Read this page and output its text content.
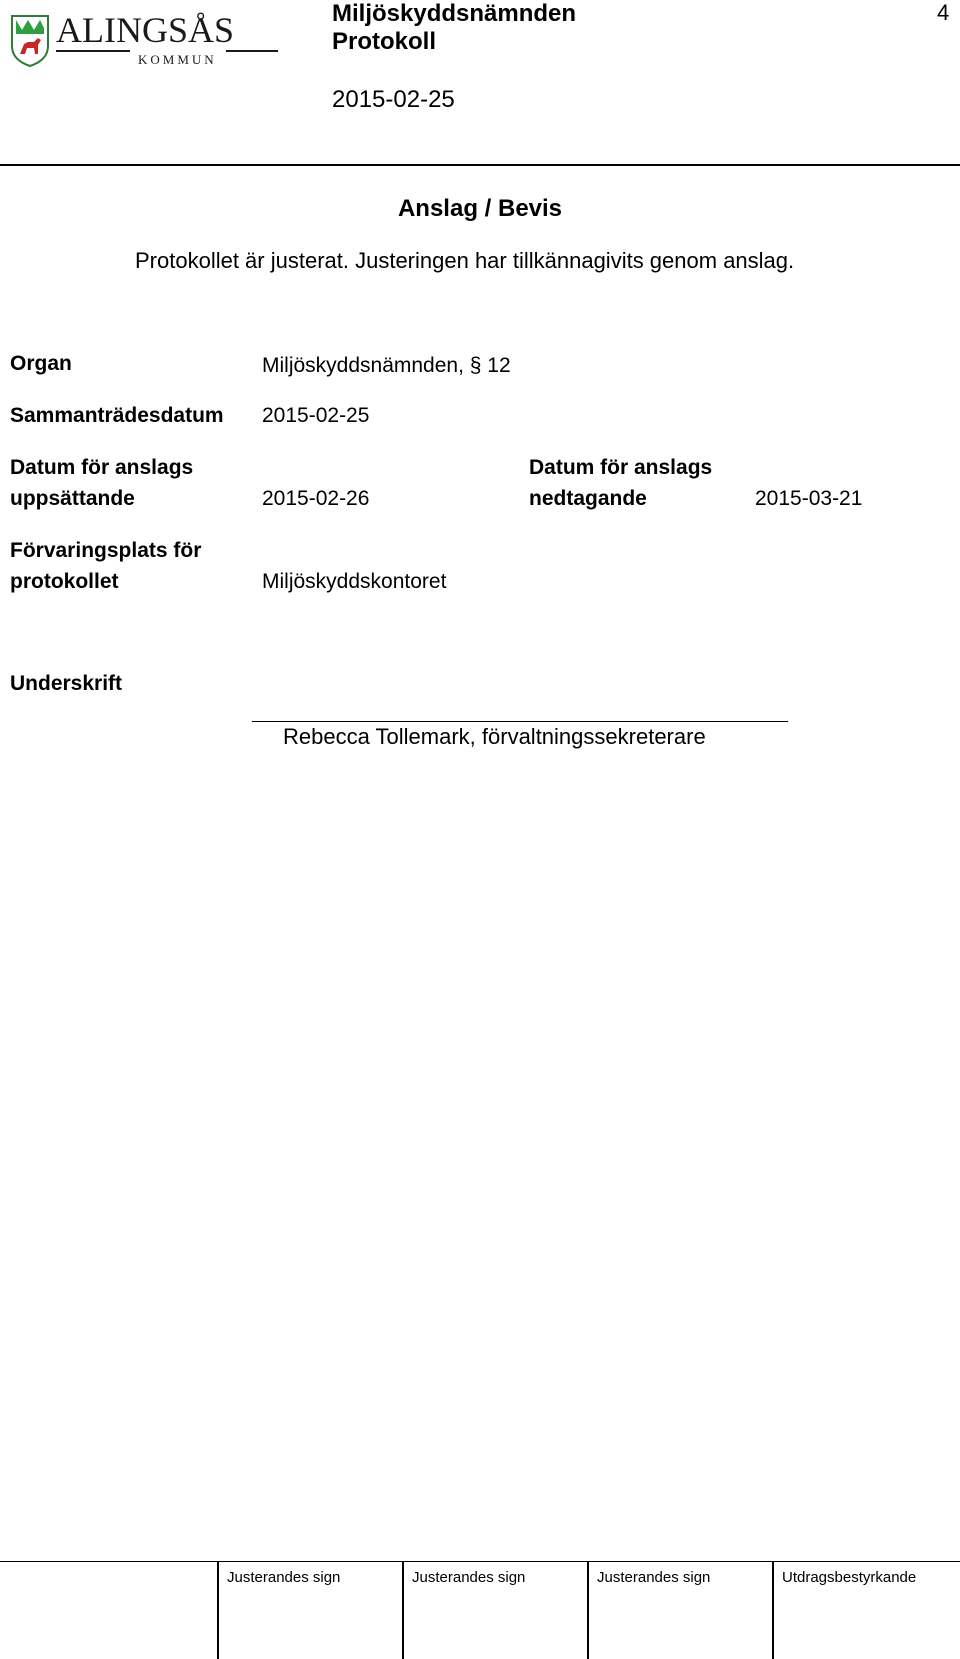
ALINGSÅS
KOMMUN
Miljöskyddsnämnden
Protokoll
4
2015-02-25
Anslag / Bevis
Protokollet är justerat. Justeringen har tillkännagivits genom anslag.
Organ	Miljöskyddsnämnden, § 12
Sammanträdesdatum 2015-02-25
Datum för anslags
uppsättande	2015-02-26
Datum för anslags
nedtagande	2015-03-21
Förvaringsplats för
protokollet	Miljöskyddskontoret
Underskrift
Rebecca Tollemark, förvaltningssekreterare
Justerandes sign	Justerandes sign	Justerandes sign	Utdragsbestyrkande
